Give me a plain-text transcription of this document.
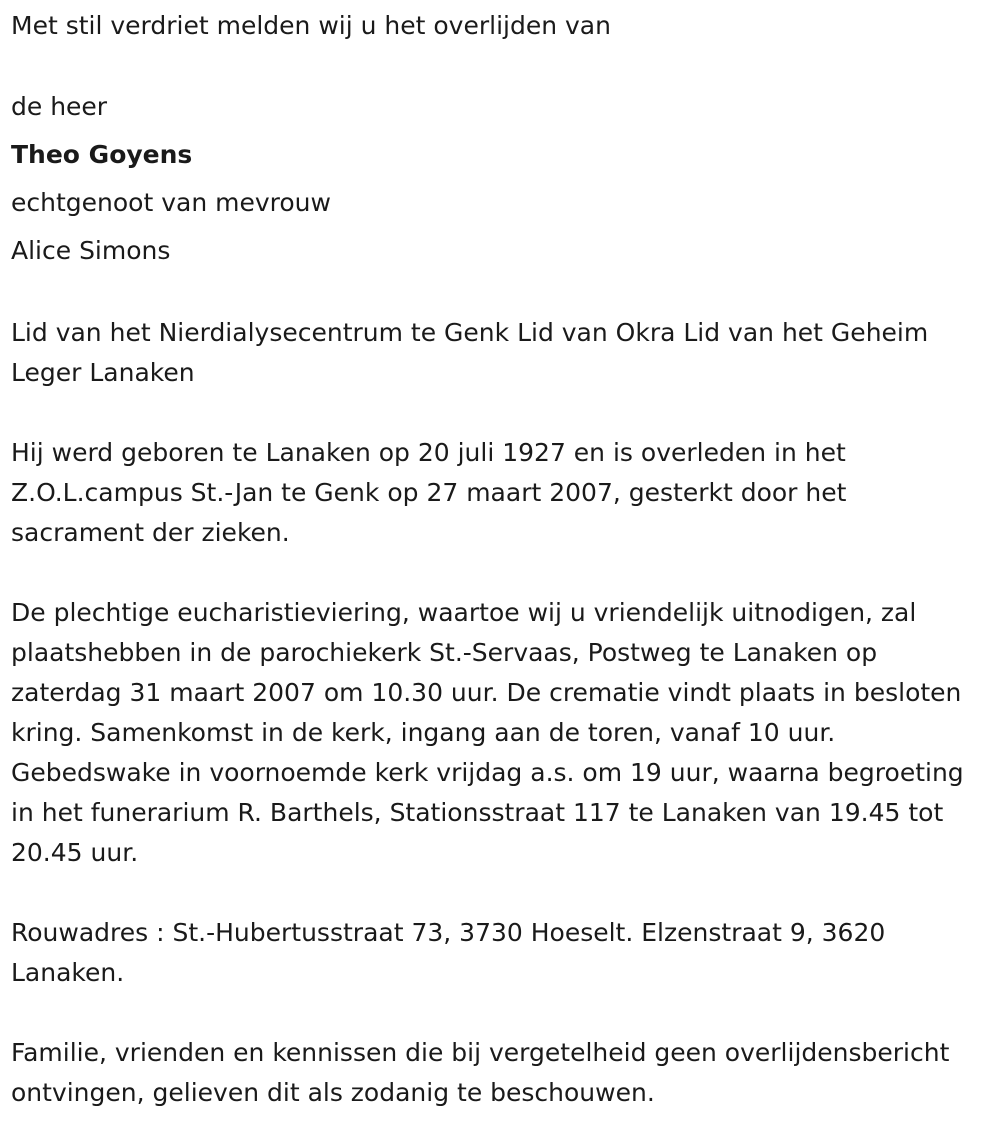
Met stil verdriet melden wij u het overlijden van
de heer
Theo Goyens
echtgenoot van mevrouw
Alice Simons

Lid van het Nierdialysecentrum te Genk Lid van Okra Lid van het Geheim Leger Lanaken

Hij werd geboren te Lanaken op 20 juli 1927 en is overleden in het Z.O.L.campus St.-Jan te Genk op 27 maart 2007, gesterkt door het sacrament der zieken.

De plechtige eucharistieviering, waartoe wij u vriendelijk uitnodigen, zal plaatshebben in de parochiekerk St.-Servaas, Postweg te Lanaken op zaterdag 31 maart 2007 om 10.30 uur. De crematie vindt plaats in besloten kring. Samenkomst in de kerk, ingang aan de toren, vanaf 10 uur. Gebedswake in voornoemde kerk vrijdag a.s. om 19 uur, waarna begroeting in het funerarium R. Barthels, Stationsstraat 117 te Lanaken van 19.45 tot 20.45 uur.

Rouwadres : St.-Hubertusstraat 73, 3730 Hoeselt. Elzenstraat 9, 3620 Lanaken.

Familie, vrienden en kennissen die bij vergetelheid geen overlijdensbericht ontvingen, gelieven dit als zodanig te beschouwen.
